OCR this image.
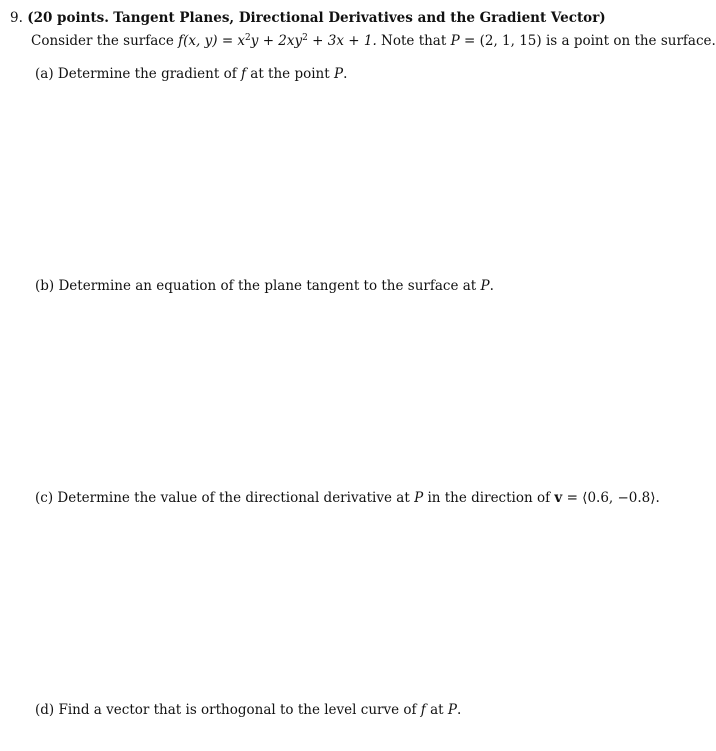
9. (20 points. Tangent Planes, Directional Derivatives and the Gradient Vector)
Consider the surface f(x, $y) = x^2y + 2xy^2 + 3x + 1$. Note that P = (2, 1, 15) is a point on the surface.
(a) Determine the gradient of f at the point P.
(b) Determine an equation of the plane tangent to the surface at P.
(c) Determine the value of the directional derivative at P in the direction of v = ⟨0.6, −0.8⟩.
(d) Find a vector that is orthogonal to the level curve of f at P.
